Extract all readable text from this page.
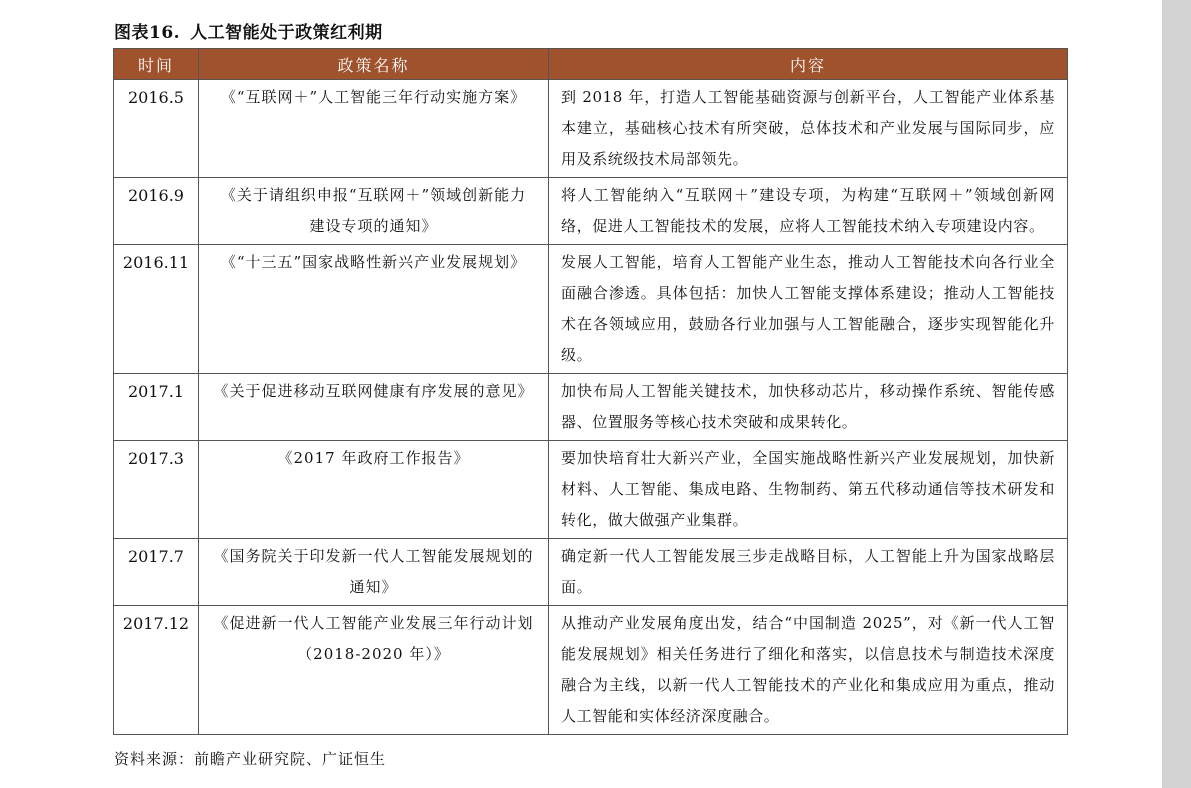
图表16. 人工智能处于政策红利期
时间	政策名称	内容
2016.5	《“互联网＋”人工智能三年行动实施方案》	到 2018 年，打造人工智能基础资源与创新平台，人工智能产业体系基本建立，基础核心技术有所突破，总体技术和产业发展与国际同步，应用及系统级技术局部领先。
2016.9	《关于请组织申报“互联网＋”领域创新能力建设专项的通知》	将人工智能纳入“互联网＋”建设专项，为构建“互联网＋”领域创新网络，促进人工智能技术的发展，应将人工智能技术纳入专项建设内容。
2016.11	《“十三五”国家战略性新兴产业发展规划》	发展人工智能，培育人工智能产业生态，推动人工智能技术向各行业全面融合渗透。具体包括：加快人工智能支撑体系建设；推动人工智能技术在各领域应用，鼓励各行业加强与人工智能融合，逐步实现智能化升级。
2017.1	《关于促进移动互联网健康有序发展的意见》	加快布局人工智能关键技术，加快移动芯片，移动操作系统、智能传感器、位置服务等核心技术突破和成果转化。
2017.3	《2017 年政府工作报告》	要加快培育壮大新兴产业，全国实施战略性新兴产业发展规划，加快新材料、人工智能、集成电路、生物制药、第五代移动通信等技术研发和转化，做大做强产业集群。
2017.7	《国务院关于印发新一代人工智能发展规划的通知》	确定新一代人工智能发展三步走战略目标，人工智能上升为国家战略层面。
2017.12	《促进新一代人工智能产业发展三年行动计划（2018-2020 年）》	从推动产业发展角度出发，结合“中国制造 2025”，对《新一代人工智能发展规划》相关任务进行了细化和落实，以信息技术与制造技术深度融合为主线，以新一代人工智能技术的产业化和集成应用为重点，推动人工智能和实体经济深度融合。
资料来源：前瞻产业研究院、广证恒生
